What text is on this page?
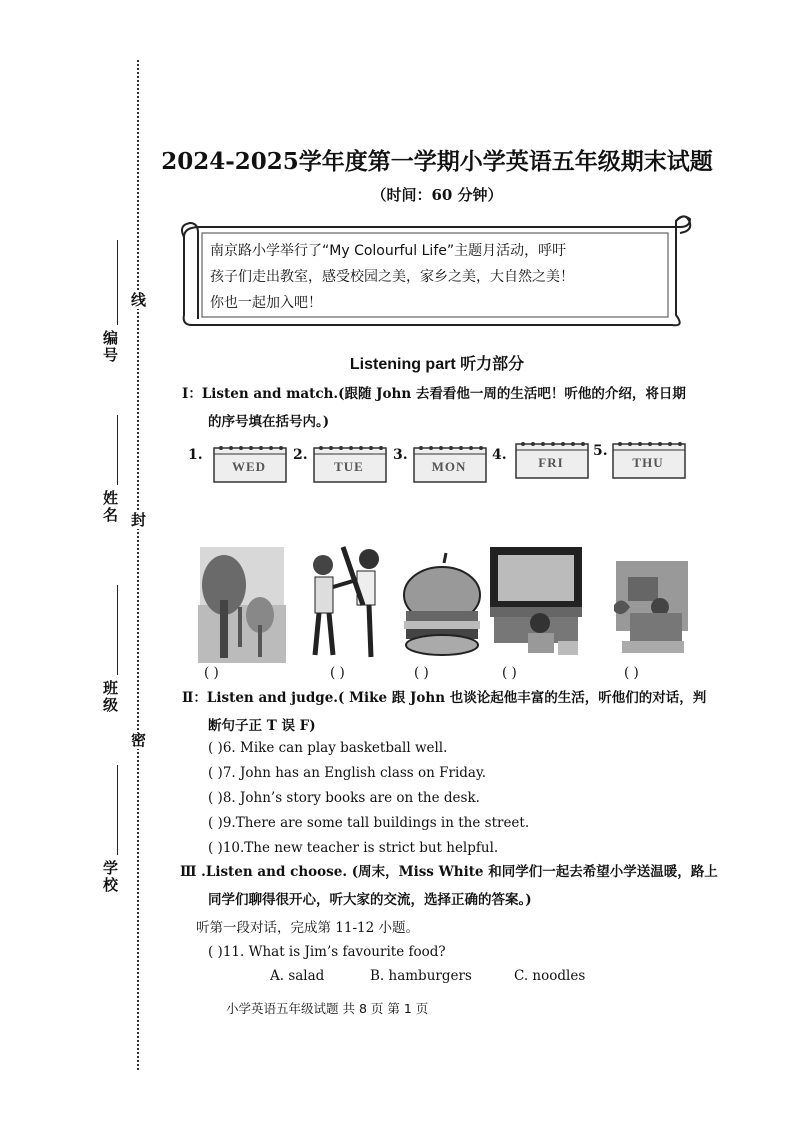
编号
线
姓名 封
班级
密
学校
2024-2025学年度第一学期小学英语五年级期末试题
（时间：60 分钟）
南京路小学举行了“My Colourful Life”主题月活动，呼吁
孩子们走出教室，感受校园之美，家乡之美，大自然之美！
你也一起加入吧！
Listening part 听力部分
Ⅰ：Listen and match.(跟随 John 去看看他一周的生活吧！听他的介绍，将日期
的序号填在括号内。)
1.
WED
2.
TUE
3.
MON
4.	FRI
5.
THU
( )	( )	( )	( )	( )
Ⅱ：Listen and judge.( Mike 跟 John 也谈论起他丰富的生活，听他们的对话，判
断句子正 T 误 F)
( )6. Mike can play basketball well.
( )7. John has an English class on Friday.
( )8. John’s story books are on the desk.
( )9.There are some tall buildings in the street.
( )10.The new teacher is strict but helpful.
Ⅲ .Listen and choose. (周末，Miss White 和同学们一起去希望小学送温暖，路上
同学们聊得很开心，听大家的交流，选择正确的答案。)
听第一段对话，完成第 11-12 小题。
( )11. What is Jim’s favourite food?
A. salad	B. hamburgers	C. noodles
小学英语五年级试题 共 8 页 第 1 页
